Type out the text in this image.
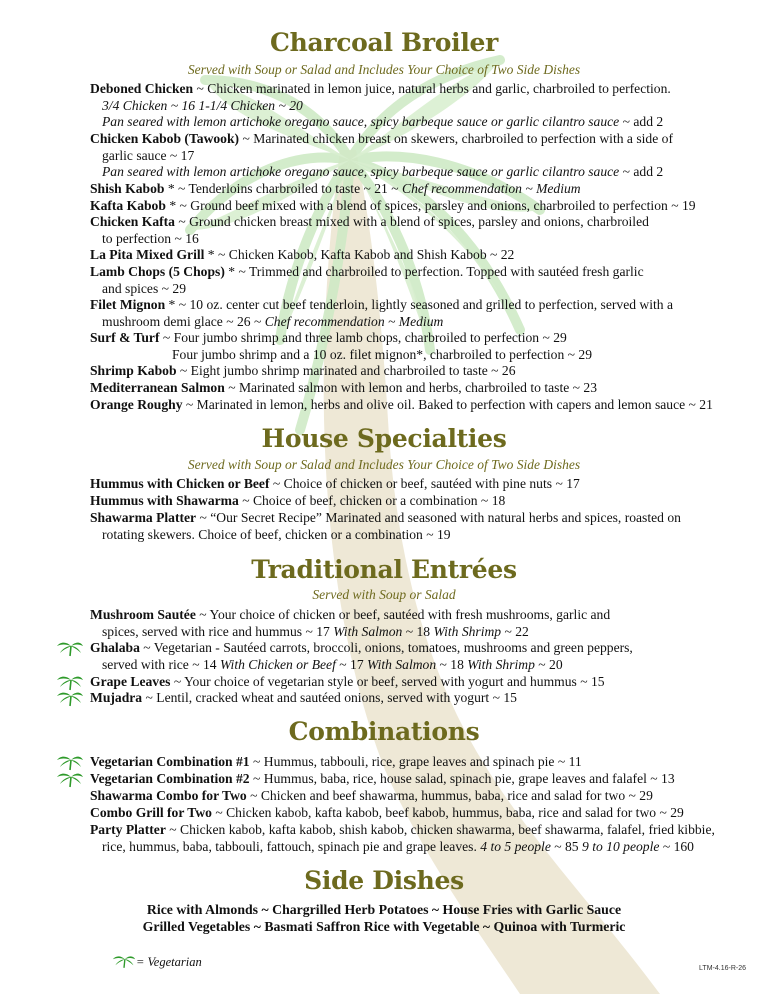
Charcoal Broiler
Served with Soup or Salad and Includes Your Choice of Two Side Dishes
Deboned Chicken ~ Chicken marinated in lemon juice, natural herbs and garlic, charbroiled to perfection.
3/4 Chicken ~ 16 1-1/4 Chicken ~ 20
Pan seared with lemon artichoke oregano sauce, spicy barbeque sauce or garlic cilantro sauce ~ add 2
Chicken Kabob (Tawook) ~ Marinated chicken breast on skewers, charbroiled to perfection with a side of
garlic sauce ~ 17
Pan seared with lemon artichoke oregano sauce, spicy barbeque sauce or garlic cilantro sauce ~ add 2
Shish Kabob * ~ Tenderloins charbroiled to taste ~ 21 ~ Chef recommendation ~ Medium
Kafta Kabob * ~ Ground beef mixed with a blend of spices, parsley and onions, charbroiled to perfection ~ 19
Chicken Kafta ~ Ground chicken breast mixed with a blend of spices, parsley and onions, charbroiled
to perfection ~ 16
La Pita Mixed Grill * ~ Chicken Kabob, Kafta Kabob and Shish Kabob ~ 22
Lamb Chops (5 Chops) * ~ Trimmed and charbroiled to perfection. Topped with sautéed fresh garlic
and spices ~ 29
Filet Mignon * ~ 10 oz. center cut beef tenderloin, lightly seasoned and grilled to perfection, served with a
mushroom demi glace ~ 26 ~ Chef recommendation ~ Medium
Surf & Turf ~ Four jumbo shrimp and three lamb chops, charbroiled to perfection ~ 29
Four jumbo shrimp and a 10 oz. filet mignon*, charbroiled to perfection ~ 29
Shrimp Kabob ~ Eight jumbo shrimp marinated and charbroiled to taste ~ 26
Mediterranean Salmon ~ Marinated salmon with lemon and herbs, charbroiled to taste ~ 23
Orange Roughy ~ Marinated in lemon, herbs and olive oil. Baked to perfection with capers and lemon sauce ~ 21
House Specialties
Served with Soup or Salad and Includes Your Choice of Two Side Dishes
Hummus with Chicken or Beef ~ Choice of chicken or beef, sautéed with pine nuts ~ 17
Hummus with Shawarma ~ Choice of beef, chicken or a combination ~ 18
Shawarma Platter ~ “Our Secret Recipe” Marinated and seasoned with natural herbs and spices, roasted on
rotating skewers. Choice of beef, chicken or a combination ~ 19
Traditional Entrées
Served with Soup or Salad
Mushroom Sautée ~ Your choice of chicken or beef, sautéed with fresh mushrooms, garlic and
spices, served with rice and hummus ~ 17 With Salmon ~ 18 With Shrimp ~ 22
Ghalaba ~ Vegetarian - Sautéed carrots, broccoli, onions, tomatoes, mushrooms and green peppers,
served with rice ~ 14 With Chicken or Beef ~ 17 With Salmon ~ 18 With Shrimp ~ 20
Grape Leaves ~ Your choice of vegetarian style or beef, served with yogurt and hummus ~ 15
Mujadra ~ Lentil, cracked wheat and sautéed onions, served with yogurt ~ 15
Combinations
Vegetarian Combination #1 ~ Hummus, tabbouli, rice, grape leaves and spinach pie ~ 11
Vegetarian Combination #2 ~ Hummus, baba, rice, house salad, spinach pie, grape leaves and falafel ~ 13
Shawarma Combo for Two ~ Chicken and beef shawarma, hummus, baba, rice and salad for two ~ 29
Combo Grill for Two ~ Chicken kabob, kafta kabob, beef kabob, hummus, baba, rice and salad for two ~ 29
Party Platter ~ Chicken kabob, kafta kabob, shish kabob, chicken shawarma, beef shawarma, falafel, fried kibbie,
rice, hummus, baba, tabbouli, fattouch, spinach pie and grape leaves. 4 to 5 people ~ 85 9 to 10 people ~ 160
Side Dishes
Rice with Almonds ~ Chargrilled Herb Potatoes ~ House Fries with Garlic Sauce
Grilled Vegetables ~ Basmati Saffron Rice with Vegetable ~ Quinoa with Turmeric
= Vegetarian	LTM-4.16-R-26
